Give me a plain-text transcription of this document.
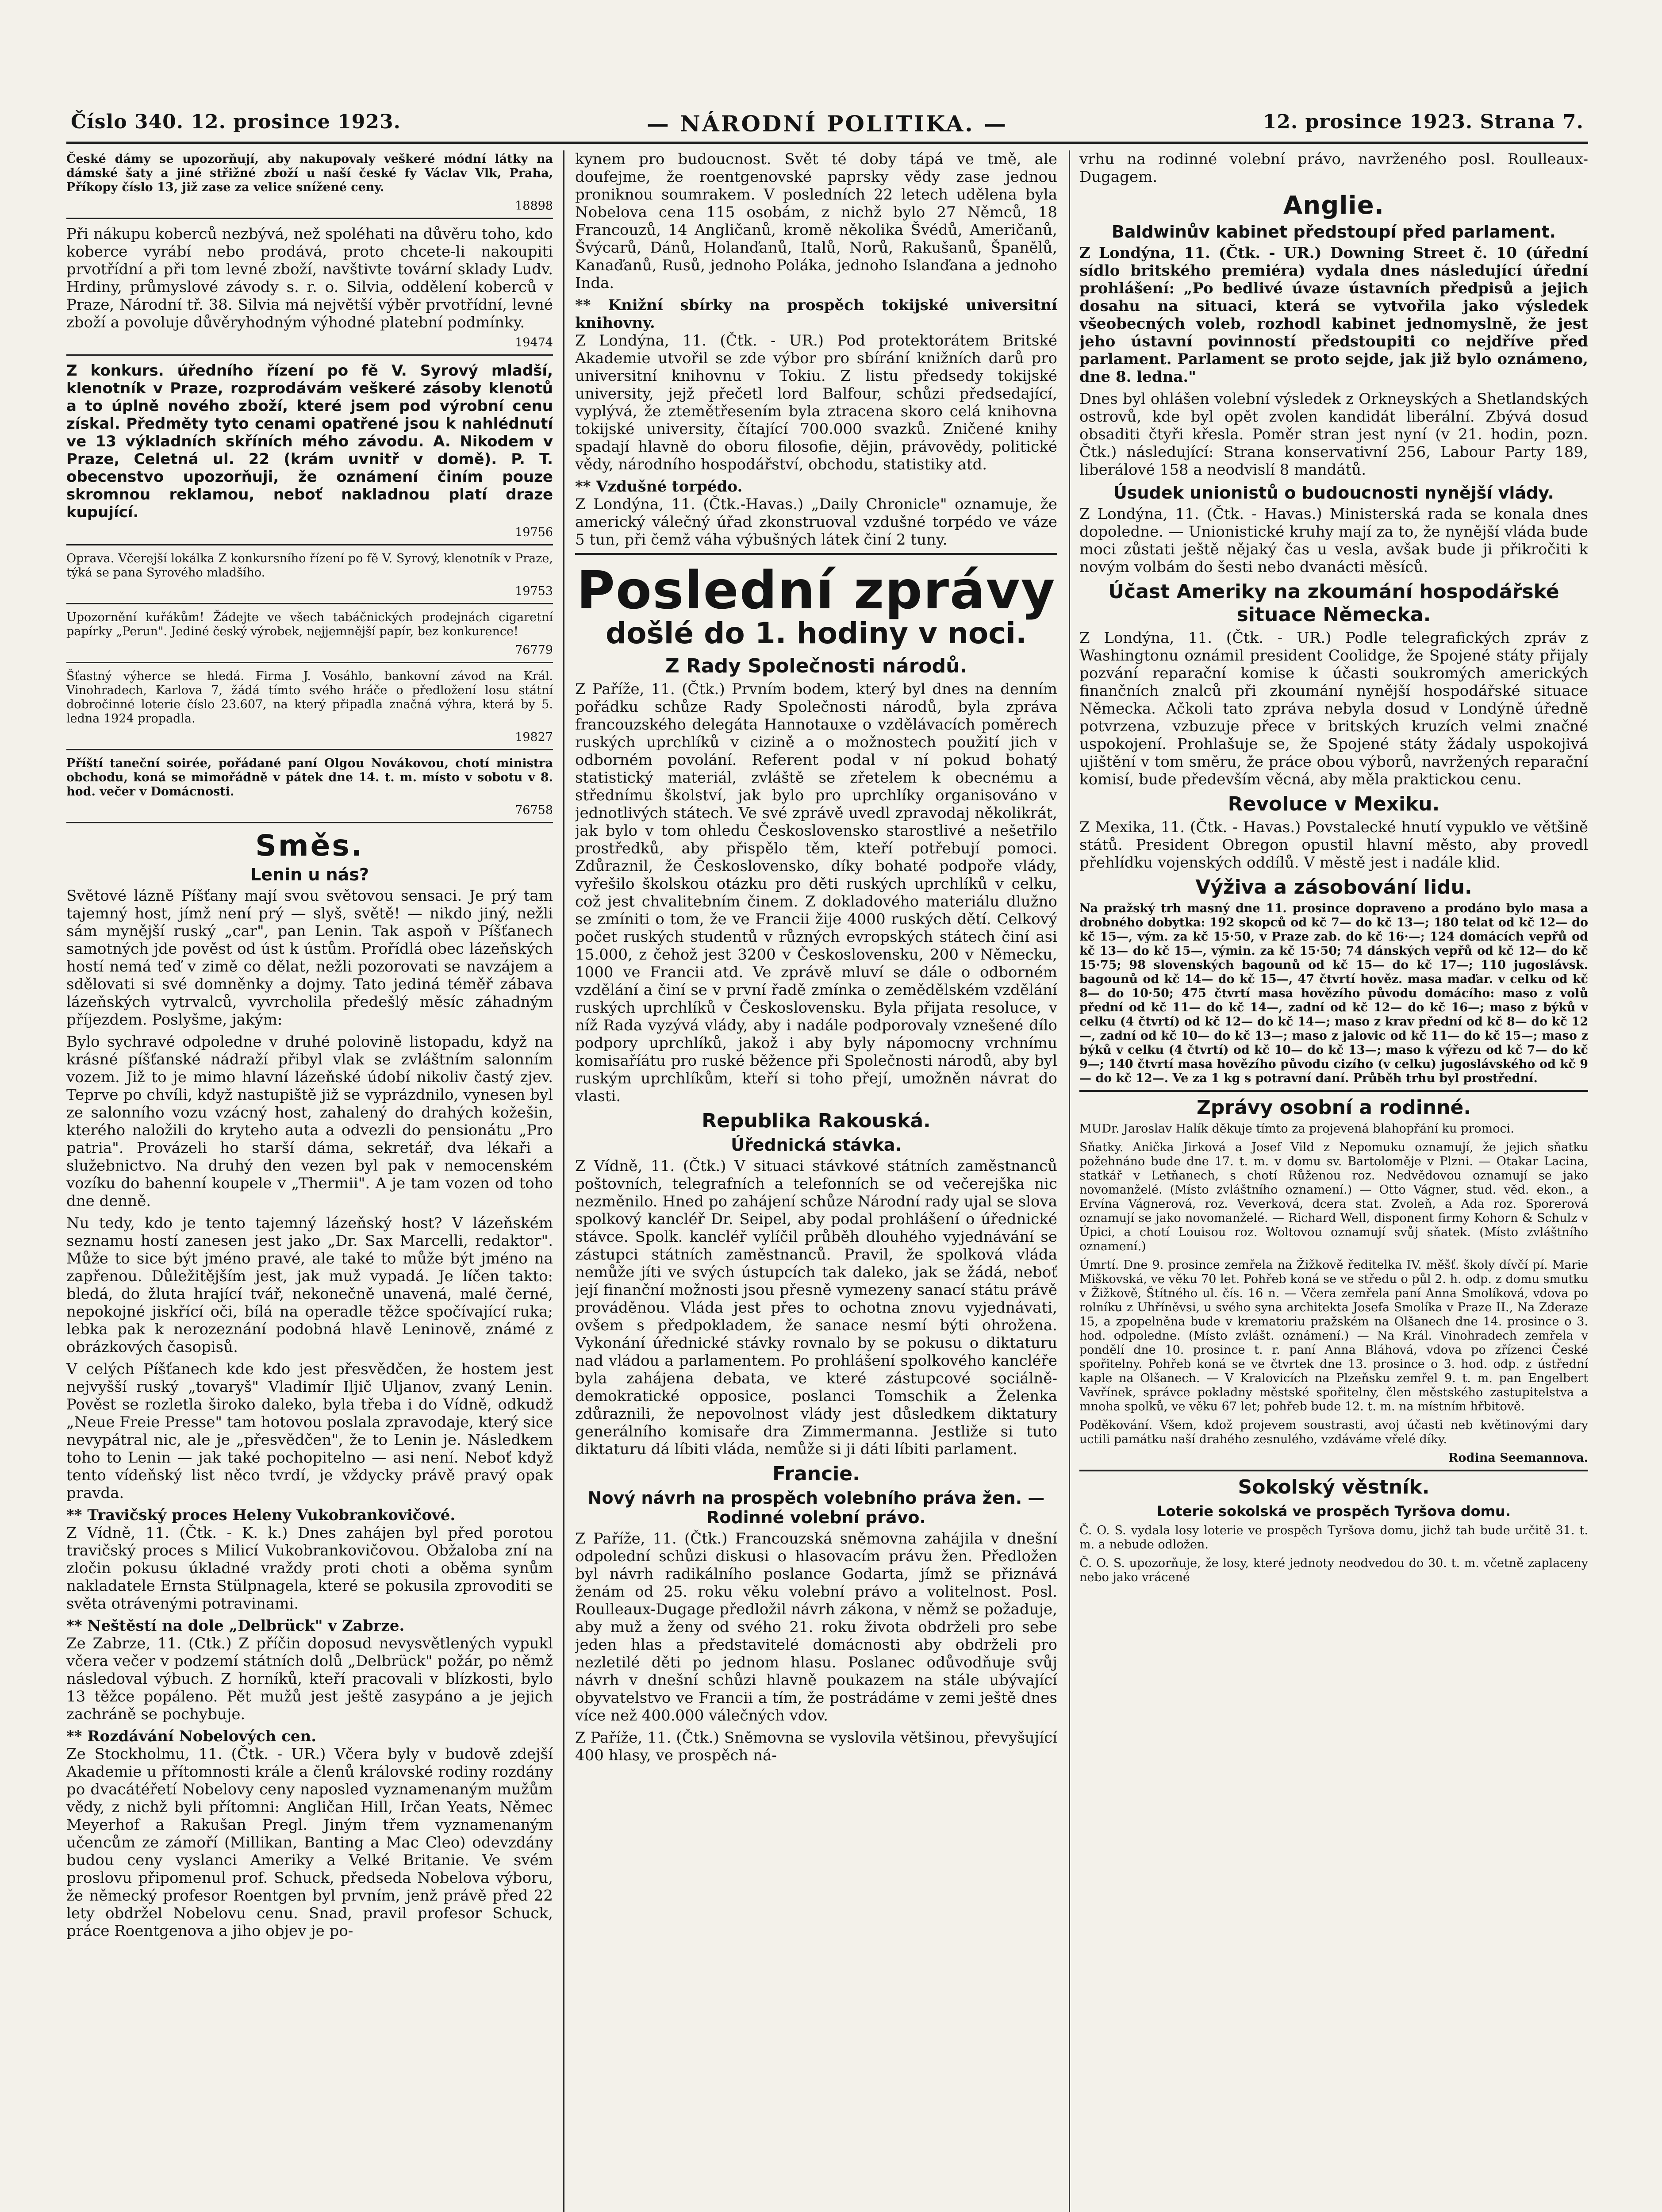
Číslo 340. 12. prosince 1923.	— NÁRODNÍ POLITIKA. —	12. prosince 1923. Strana 7.

České dámy se upozorňují, aby nakupovaly veškeré módní látky na dámské šaty a jiné střižné zboží u naší české fy Václav Vlk, Praha, Příkopy číslo 13, již zase za velice snížené ceny.

18898

Při nákupu koberců nezbývá, než spoléhati na důvěru toho, kdo koberce vyrábí nebo prodává, proto chcete-li nakoupiti prvotřídní a při tom levné zboží, navštivte tovární sklady Ludv. Hrdiny, průmyslové závody s. r. o. Silvia, oddělení koberců v Praze, Národní tř. 38. Silvia má největší výběr prvotřídní, levné zboží a povoluje důvěryhodným výhodné platební podmínky.

19474

Z konkurs. úředního řízení po fě V. Syrový mladší, klenotník v Praze, rozprodávám veškeré zásoby klenotů a to úplně nového zboží, které jsem pod výrobní cenu získal. Předměty tyto cenami opatřené jsou k nahlédnutí ve 13 výkladních skříních mého závodu. A. Nikodem v Praze, Celetná ul. 22 (krám uvnitř v domě). P. T. obecenstvo upozorňuji, že oznámení činím pouze skromnou reklamou, neboť nakladnou platí draze kupující.

19756

Oprava. Včerejší lokálka Z konkursního řízení po fě V. Syrový, klenotník v Praze, týká se pana Syrového mladšího.

19753

Upozornění kuřákům! Žádejte ve všech tabáčnických prodejnách cigaretní papírky „Perun". Jediné český výrobek, nejjemnější papír, bez konkurence!

76779

Šťastný výherce se hledá. Firma J. Vosáhlo, bankovní závod na Král. Vinohradech, Karlova 7, žádá tímto svého hráče o předložení losu státní dobročinné loterie číslo 23.607, na který připadla značná výhra, která by 5. ledna 1924 propadla.

19827

Příští taneční soirée, pořádané paní Olgou Novákovou, chotí ministra obchodu, koná se mimořádně v pátek dne 14. t. m. místo v sobotu v 8. hod. večer v Domácnosti.

76758

Směs.
Lenin u nás?

Světové lázně Píšťany mají svou světovou sensaci. Je prý tam tajemný host, jímž není prý — slyš, světě! — nikdo jiný, nežli sám mynější ruský „car", pan Lenin. Tak aspoň v Píšťanech samotných jde pověst od úst k ústům. Prořídlá obec lázeňských hostí nemá teď v zimě co dělat, nežli pozorovati se navzájem a sdělovati si své domněnky a dojmy. Tato jediná téměř zábava lázeňských vytrvalců, vyvrcholila předešlý měsíc záhadným příjezdem. Poslyšme, jakým:

Bylo sychravé odpoledne v druhé polovině listopadu, když na krásné píšťanské nádraží přibyl vlak se zvláštním salonním vozem. Již to je mimo hlavní lázeňské údobí nikoliv častý zjev. Teprve po chvíli, když nastupiště již se vyprázdnilo, vynesen byl ze salonního vozu vzácný host, zahalený do drahých kožešin, kterého naložili do kryteho auta a odvezli do pensionátu „Pro patria". Provázeli ho starší dáma, sekretář, dva lékaři a služebnictvo. Na druhý den vezen byl pak v nemocenském vozíku do bahenní koupele v „Thermii". A je tam vozen od toho dne denně.

Nu tedy, kdo je tento tajemný lázeňský host? V lázeňském seznamu hostí zanesen jest jako „Dr. Sax Marcelli, redaktor". Může to sice být jméno pravé, ale také to může být jméno na zapřenou. Důležitějším jest, jak muž vypadá. Je líčen takto: bledá, do žluta hrající tvář, nekonečně unavená, malé černé, nepokojné jiskřící oči, bílá na operadle těžce spočívající ruka; lebka pak k nerozeznání podobná hlavě Leninově, známé z obrázkových časopisů.

V celých Píšťanech kde kdo jest přesvědčen, že hostem jest nejvyšší ruský „tovaryš" Vladimír Iljič Uljanov, zvaný Lenin. Pověst se rozletla široko daleko, byla třeba i do Vídně, odkudž „Neue Freie Presse" tam hotovou poslala zpravodaje, který sice nevypátral nic, ale je „přesvědčen", že to Lenin je. Následkem toho to Lenin — jak také pochopitelno — asi není. Neboť když tento vídeňský list něco tvrdí, je vždycky právě pravý opak pravda.

** Travičský proces Heleny Vukobrankovičové.

Z Vídně, 11. (Čtk. - K. k.) Dnes zahájen byl před porotou travičský proces s Milicí Vukobrankovičovou. Obžaloba zní na zločin pokusu úkladné vraždy proti choti a oběma synům nakladatele Ernsta Stülpnagela, které se pokusila zprovoditi se světa otrávenými potravinami.

** Neštěstí na dole „Delbrück" v Zabrze.

Ze Zabrze, 11. (Ctk.) Z příčin doposud nevysvětlených vypukl včera večer v podzemí státních dolů „Delbrück" požár, po němž následoval výbuch. Z horníků, kteří pracovali v blízkosti, bylo 13 těžce popáleno. Pět mužů jest ještě zasypáno a je jejich zachráně se pochybuje.

** Rozdávání Nobelových cen.

Ze Stockholmu, 11. (Čtk. - UR.) Včera byly v budově zdejší Akademie u přítomnosti krále a členů královské rodiny rozdány po dvacátéřetí Nobelovy ceny naposled vyznamenaným mužům vědy, z nichž byli přítomni: Angličan Hill, Irčan Yeats, Němec Meyerhof a Rakušan Pregl. Jiným třem vyznamenaným učencům ze zámoří (Millikan, Banting a Mac Cleo) odevzdány budou ceny vyslanci Ameriky a Velké Britanie. Ve svém proslovu připomenul prof. Schuck, předseda Nobelova výboru, že německý profesor Roentgen byl prvním, jenž právě před 22 lety obdržel Nobelovu cenu. Snad, pravil profesor Schuck, práce Roentgenova a jiho objev je po-

kynem pro budoucnost. Svět té doby tápá ve tmě, ale doufejme, že roentgenovské paprsky vědy zase jednou proniknou soumrakem. V posledních 22 letech udělena byla Nobelova cena 115 osobám, z nichž bylo 27 Němců, 18 Francouzů, 14 Angličanů, kromě několika Švédů, Američanů, Švýcarů, Dánů, Holanďanů, Italů, Norů, Rakušanů, Španělů, Kanaďanů, Rusů, jednoho Poláka, jednoho Islanďana a jednoho Inda.

** Knižní sbírky na prospěch tokijské universitní knihovny.

Z Londýna, 11. (Čtk. - UR.) Pod protektorátem Britské Akademie utvořil se zde výbor pro sbírání knižních darů pro universitní knihovnu v Tokiu. Z listu předsedy tokijské university, jejž přečetl lord Balfour, schůzi předsedající, vyplývá, že ztemětřesením byla ztracena skoro celá knihovna tokijské university, čítající 700.000 svazků. Zničené knihy spadají hlavně do oboru filosofie, dějin, právovědy, politické vědy, národního hospodářství, obchodu, statistiky atd.

** Vzdušné torpédo.

Z Londýna, 11. (Čtk.-Havas.) „Daily Chronicle" oznamuje, že americký válečný úřad zkonstruoval vzdušné torpédo ve váze 5 tun, při čemž váha výbušných látek činí 2 tuny.

Poslední zprávy
došlé do 1. hodiny v noci.
Z Rady Společnosti národů.

Z Paříže, 11. (Čtk.) Prvním bodem, který byl dnes na denním pořádku schůze Rady Společnosti národů, byla zpráva francouzského delegáta Hannotauxe o vzdělávacích poměrech ruských uprchlíků v cizině a o možnostech použití jich v odborném povolání. Referent podal v ní pokud bohatý statistický materiál, zvláště se zřetelem k obecnému a střednímu školství, jak bylo pro uprchlíky organisováno v jednotlivých státech. Ve své zprávě uvedl zpravodaj několikrát, jak bylo v tom ohledu Československo starostlivé a nešetřilo prostředků, aby přispělo těm, kteří potřebují pomoci. Zdůraznil, že Československo, díky bohaté podpoře vlády, vyřešilo školskou otázku pro děti ruských uprchlíků v celku, což jest chvalitebním činem. Z dokladového materiálu dlužno se zmíniti o tom, že ve Francii žije 4000 ruských dětí. Celkový počet ruských studentů v různých evropských státech činí asi 15.000, z čehož jest 3200 v Československu, 200 v Německu, 1000 ve Francii atd. Ve zprávě mluví se dále o odborném vzdělání a činí se v první řadě zmínka o zemědělském vzdělání ruských uprchlíků v Československu. Byla přijata resoluce, v níž Rada vyzývá vlády, aby i nadále podporovaly vznešené dílo podpory uprchlíků, jakož i aby byly nápomocny vrchnímu komisaříátu pro ruské běžence při Společnosti národů, aby byl ruským uprchlíkům, kteří si toho přejí, umožněn návrat do vlasti.

Republika Rakouská.
Úřednická stávka.

Z Vídně, 11. (Čtk.) V situaci stávkové státních zaměstnanců poštovních, telegrafních a telefonních se od večerejška nic nezměnilo. Hned po zahájení schůze Národní rady ujal se slova spolkový kancléř Dr. Seipel, aby podal prohlášení o úřednické stávce. Spolk. kancléř vylíčil průběh dlouhého vyjednávání se zástupci státních zaměstnanců. Pravil, že spolková vláda nemůže jíti ve svých ústupcích tak daleko, jak se žádá, neboť její finanční možnosti jsou přesně vymezeny sanací státu právě prováděnou. Vláda jest přes to ochotna znovu vyjednávati, ovšem s předpokladem, že sanace nesmí býti ohrožena. Vykonání úřednické stávky rovnalo by se pokusu o diktaturu nad vládou a parlamentem. Po prohlášení spolkového kancléře byla zahájena debata, ve které zástupcové sociálně-demokratické opposice, poslanci Tomschik a Želenka zdůraznili, že nepovolnost vlády jest důsledkem diktatury generálního komisaře dra Zimmermanna. Jestliže si tuto diktaturu dá líbiti vláda, nemůže si ji dáti líbiti parlament.

Francie.
Nový návrh na prospěch volebního práva žen. — Rodinné volební právo.

Z Paříže, 11. (Čtk.) Francouzská sněmovna zahájila v dnešní odpolední schůzi diskusi o hlasovacím právu žen. Předložen byl návrh radikálního poslance Godarta, jímž se přiznává ženám od 25. roku věku volební právo a volitelnost. Posl. Roulleaux-Dugage předložil návrh zákona, v němž se požaduje, aby muž a ženy od svého 21. roku života obdrželi pro sebe jeden hlas a představitelé domácnosti aby obdrželi pro nezletilé děti po jednom hlasu. Poslanec odůvodňuje svůj návrh v dnešní schůzi hlavně poukazem na stále ubývající obyvatelstvo ve Francii a tím, že postrádáme v zemi ještě dnes více než 400.000 válečných vdov.

Z Paříže, 11. (Čtk.) Sněmovna se vyslovila většinou, převyšující 400 hlasy, ve prospěch ná-

vrhu na rodinné volební právo, navrženého posl. Roulleaux-Dugagem.

Anglie.
Baldwinův kabinet předstoupí před parlament.

Z Londýna, 11. (Čtk. - UR.) Downing Street č. 10 (úřední sídlo britského premiéra) vydala dnes následující úřední prohlášení: „Po bedlivé úvaze ústavních předpisů a jejich dosahu na situaci, která se vytvořila jako výsledek všeobecných voleb, rozhodl kabinet jednomyslně, že jest jeho ústavní povinností předstoupiti co nejdříve před parlament. Parlament se proto sejde, jak již bylo oznámeno, dne 8. ledna."

Dnes byl ohlášen volební výsledek z Orkneyských a Shetlandských ostrovů, kde byl opět zvolen kandidát liberální. Zbývá dosud obsaditi čtyři křesla. Poměr stran jest nyní (v 21. hodin, pozn. Čtk.) následující: Strana konservativní 256, Labour Party 189, liberálové 158 a neodvislí 8 mandátů.

Úsudek unionistů o budoucnosti nynější vlády.

Z Londýna, 11. (Čtk. - Havas.) Ministerská rada se konala dnes dopoledne. — Unionistické kruhy mají za to, že nynější vláda bude moci zůstati ještě nějaký čas u vesla, avšak bude ji přikročiti k novým volbám do šesti nebo dvanácti měsíců.

Účast Ameriky na zkoumání hospodářské situace Německa.

Z Londýna, 11. (Čtk. - UR.) Podle telegrafických zpráv z Washingtonu oznámil president Coolidge, že Spojené státy přijaly pozvání reparační komise k účasti soukromých amerických finančních znalců při zkoumání nynější hospodářské situace Německa. Ačkoli tato zpráva nebyla dosud v Londýně úředně potvrzena, vzbuzuje přece v britských kruzích velmi značné uspokojení. Prohlašuje se, že Spojené státy žádaly uspokojivá ujištění v tom směru, že práce obou výborů, navržených reparační komisí, bude především věcná, aby měla praktickou cenu.

Revoluce v Mexiku.

Z Mexika, 11. (Čtk. - Havas.) Povstalecké hnutí vypuklo ve většině států. President Obregon opustil hlavní město, aby provedl přehlídku vojenských oddílů. V městě jest i nadále klid.

Výživa a zásobování lidu.

Na pražský trh masný dne 11. prosince dopraveno a prodáno bylo masa a drobného dobytka: 192 skopců od kč 7— do kč 13—; 180 telat od kč 12— do kč 15—, vým. za kč 15·50, v Praze zab. do kč 16·—; 124 domácích vepřů od kč 13— do kč 15—, výmin. za kč 15·50; 74 dánských vepřů od kč 12— do kč 15·75; 98 slovenských bagounů od kč 15— do kč 17—; 110 jugoslávsk. bagounů od kč 14— do kč 15—, 47 čtvrtí hověz. masa maďar. v celku od kč 8— do 10·50; 475 čtvrtí masa hovězího původu domácího: maso z volů přední od kč 11— do kč 14—, zadní od kč 12— do kč 16—; maso z býků v celku (4 čtvrtí) od kč 12— do kč 14—; maso z krav přední od kč 8— do kč 12—, zadní od kč 10— do kč 13—; maso z jalovic od kč 11— do kč 15—; maso z býků v celku (4 čtvrtí) od kč 10— do kč 13—; maso k výřezu od kč 7— do kč 9—; 140 čtvrtí masa hovězího původu cizího (v celku) jugoslávského od kč 9— do kč 12—. Ve za 1 kg s potravní daní. Průběh trhu byl prostřední.

Zprávy osobní a rodinné.

MUDr. Jaroslav Halík děkuje tímto za projevená blahopřání ku promoci.

Sňatky. Anička Jirková a Josef Vild z Nepomuku oznamují, že jejich sňatku požehnáno bude dne 17. t. m. v domu sv. Bartoloměje v Plzni. — Otakar Lacina, statkář v Letňanech, s chotí Růženou roz. Nedvědovou oznamují se jako novomanželé. (Místo zvláštního oznamení.) — Otto Vágner, stud. věd. ekon., a Ervína Vágnerová, roz. Veverková, dcera stat. Zvoleň, a Ada roz. Sporerová oznamují se jako novomanželé. — Richard Well, disponent firmy Kohorn & Schulz v Úpici, a chotí Louisou roz. Woltovou oznamují svůj sňatek. (Místo zvláštního oznamení.)

Úmrtí. Dne 9. prosince zemřela na Žižkově ředitelka IV. měšť. školy dívčí pí. Marie Miškovská, ve věku 70 let. Pohřeb koná se ve středu o půl 2. h. odp. z domu smutku v Žižkově, Štítného ul. čís. 16 n. — Včera zemřela paní Anna Smolíková, vdova po rolníku z Uhříněvsi, u svého syna architekta Josefa Smolíka v Praze II., Na Zderaze 15, a zpopelněna bude v krematoriu pražském na Olšanech dne 14. prosince o 3. hod. odpoledne. (Místo zvlášt. oznámení.) — Na Král. Vinohradech zemřela v pondělí dne 10. prosince t. r. paní Anna Bláhová, vdova po zřízenci České spořitelny. Pohřeb koná se ve čtvrtek dne 13. prosince o 3. hod. odp. z ústřední kaple na Olšanech. — V Kralovicích na Plzeňsku zemřel 9. t. m. pan Engelbert Vavřínek, správce pokladny městské spořitelny, člen městského zastupitelstva a mnoha spolků, ve věku 67 let; pohřeb bude 12. t. m. na místním hřbitově.

Poděkování. Všem, kdož projevem soustrasti, avoj účasti neb květinovými dary uctili památku naší drahého zesnulého, vzdáváme vřelé díky.

Rodina Seemannova.

Sokolský věstník.
Loterie sokolská ve prospěch Tyršova domu.

Č. O. S. vydala losy loterie ve prospěch Tyršova domu, jichž tah bude určitě 31. t. m. a nebude odložen.

Č. O. S. upozorňuje, že losy, které jednoty neodvedou do 30. t. m. včetně zaplaceny nebo jako vrácené
